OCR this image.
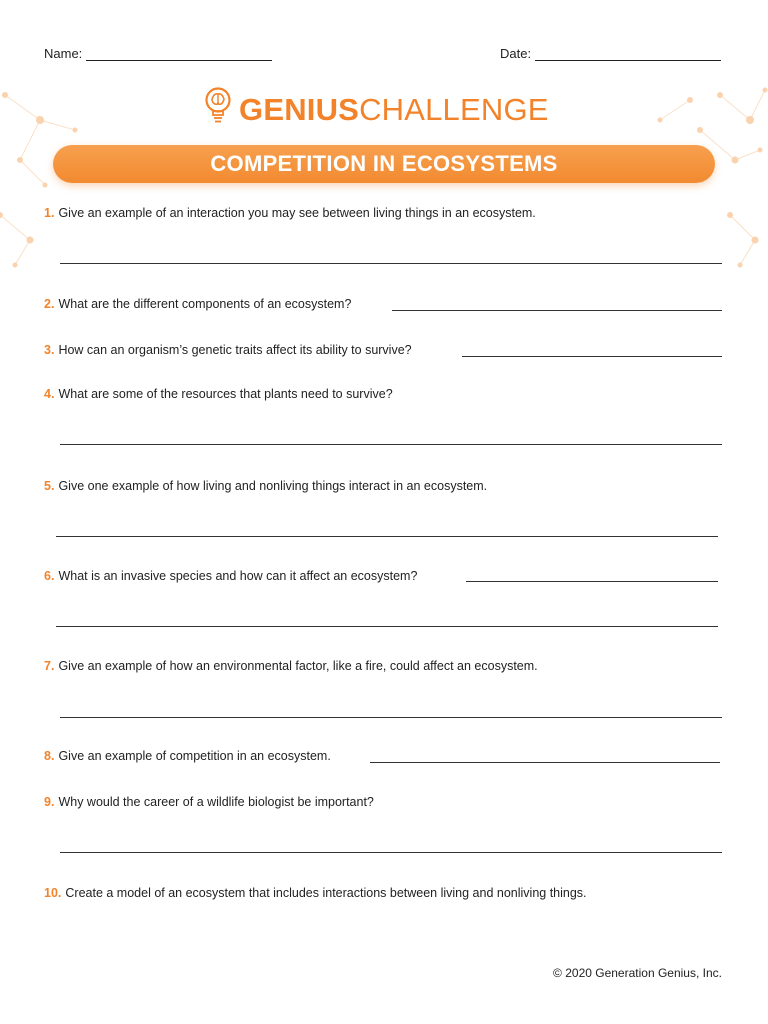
Name:	Date:
GENIUSCHALLENGE
COMPETITION IN ECOSYSTEMS
1. Give an example of an interaction you may see between living things in an ecosystem.
2. What are the different components of an ecosystem?
3. How can an organism’s genetic traits affect its ability to survive?
4. What are some of the resources that plants need to survive?
5. Give one example of how living and nonliving things interact in an ecosystem.
6. What is an invasive species and how can it affect an ecosystem?
7. Give an example of how an environmental factor, like a fire, could affect an ecosystem.
8. Give an example of competition in an ecosystem.
9. Why would the career of a wildlife biologist be important?
10. Create a model of an ecosystem that includes interactions between living and nonliving things.
© 2020 Generation Genius, Inc.
